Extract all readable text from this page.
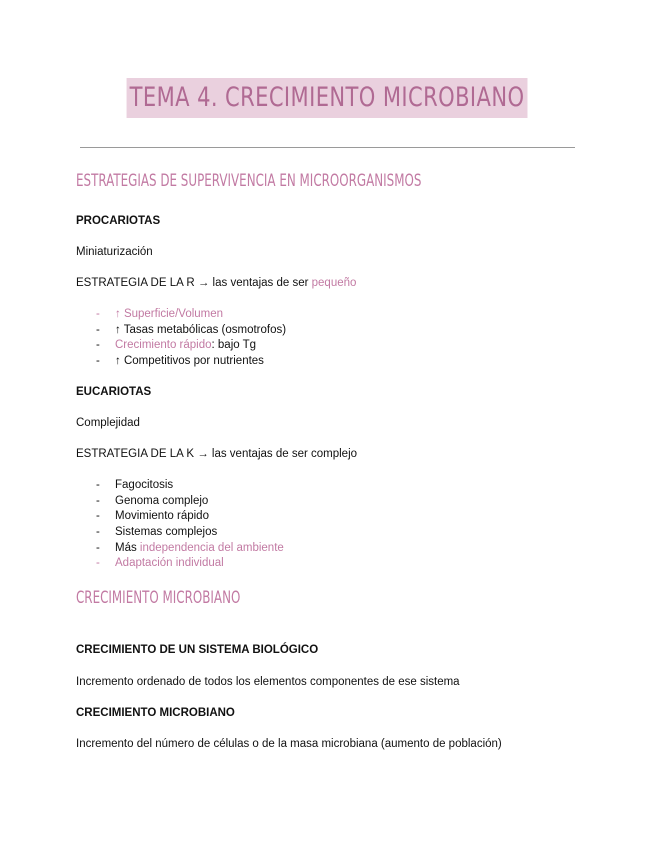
TEMA 4. CRECIMIENTO MICROBIANO
ESTRATEGIAS DE SUPERVIVENCIA EN MICROORGANISMOS
PROCARIOTAS
Miniaturización
ESTRATEGIA DE LA R → las ventajas de ser pequeño
- ↑ Superficie/Volumen
- ↑ Tasas metabólicas (osmotrofos)
- Crecimiento rápido: bajo Tg
- ↑ Competitivos por nutrientes
EUCARIOTAS
Complejidad
ESTRATEGIA DE LA K → las ventajas de ser complejo
- Fagocitosis
- Genoma complejo
- Movimiento rápido
- Sistemas complejos
- Más independencia del ambiente
- Adaptación individual
CRECIMIENTO MICROBIANO
CRECIMIENTO DE UN SISTEMA BIOLÓGICO
Incremento ordenado de todos los elementos componentes de ese sistema
CRECIMIENTO MICROBIANO
Incremento del número de células o de la masa microbiana (aumento de población)
